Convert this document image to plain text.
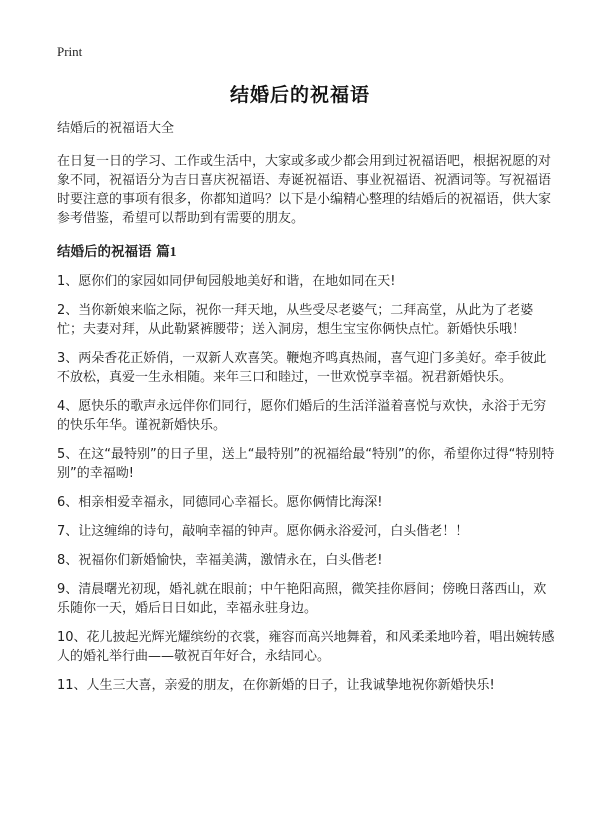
Print
结婚后的祝福语

结婚后的祝福语大全

在日复一日的学习、工作或生活中，大家或多或少都会用到过祝福语吧，根据祝愿的对象不同，祝福语分为吉日喜庆祝福语、寿诞祝福语、事业祝福语、祝酒词等。写祝福语时要注意的事项有很多，你都知道吗？以下是小编精心整理的结婚后的祝福语，供大家参考借鉴，希望可以帮助到有需要的朋友。

结婚后的祝福语 篇1

1、愿你们的家园如同伊甸园般地美好和谐，在地如同在天!

2、当你新娘来临之际，祝你一拜天地，从些受尽老婆气；二拜高堂，从此为了老婆忙；夫妻对拜，从此勒紧裤腰带；送入洞房，想生宝宝你俩快点忙。新婚快乐哦！

3、两朵香花正娇俏，一双新人欢喜笑。鞭炮齐鸣真热闹，喜气迎门多美好。牵手彼此不放松，真爱一生永相随。来年三口和睦过，一世欢悦享幸福。祝君新婚快乐。

4、愿快乐的歌声永远伴你们同行，愿你们婚后的生活洋溢着喜悦与欢快，永浴于无穷的快乐年华。谨祝新婚快乐。

5、在这“最特别”的日子里，送上“最特别”的祝福给最“特别”的你，希望你过得“特别特别”的幸福呦!

6、相亲相爱幸福永，同德同心幸福长。愿你俩情比海深!

7、让这缠绵的诗句，敲响幸福的钟声。愿你俩永浴爱河，白头偕老！！

8、祝福你们新婚愉快，幸福美满，激情永在，白头偕老!

9、清晨曙光初现，婚礼就在眼前；中午艳阳高照，微笑挂你唇间；傍晚日落西山，欢乐随你一天，婚后日日如此，幸福永驻身边。

10、花儿披起光辉光耀缤纷的衣裳，雍容而高兴地舞着，和风柔柔地吟着，唱出婉转感人的婚礼举行曲——敬祝百年好合，永结同心。

11、人生三大喜，亲爱的朋友，在你新婚的日子，让我诚挚地祝你新婚快乐!
